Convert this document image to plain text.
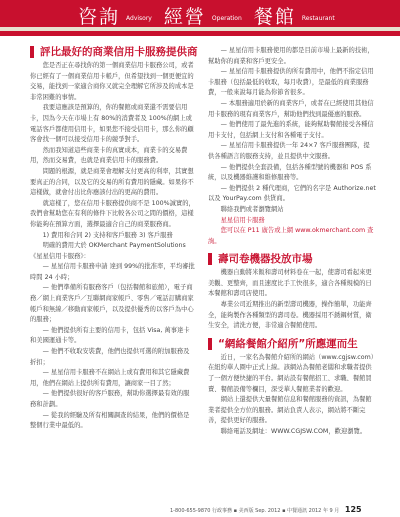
咨詢 Advisory 經營 Operation 餐館 Restaurant
評比最好的商業信用卡服務提供商

您是否正在尋找你的第一個商業信用卡服務公司，或者你已經有了一個商業信用卡帳戶，但希望找到一個更便宜的交易，能找到一家適合商你又就完全理解它所涉及的成本是非常困難的事情。

我要這應該是預算的，你的餐館或商業還不需要信用卡，因為今天在市場上有 80%的消費者及 100%的網上或電話客戶都使用信用卡，如果您不接受信用卡，那么你的顧客會找一個可以接受信用卡的競爭對手。

然而我知道這些商業卡的真實成本，商業卡的交易費用，然而交易費，也就是商業信用卡的服務費。

問題的根源，就是商業會理解支付更高的利率，其實想要真正的合同，以及它的交易的所有費用的隱藏。如果你不這樣做，就會付出比你應該付出的更高的費用。

就這樣了，您在信用卡服務提供商不是 100%誠實的，我們會幫助您在有利的條件下比較各公司之間的價格，這樣你能夠在預算方面，選擇最適合自己的商業服務商。

1) 費用和合同 2) 支持和客戶服務 3) 客戶服務

明確的費用大於 OKMerchant PaymentSolutions《星星信用卡服務》：

— 星星信用卡服務申請 達到 99%的批准率，平均審批時間 24 小時；

— 他們準備所有服務客戶（包括餐館和旅館），電子商務／網上商業客戶／互聯網商家帳戶、零售／電話訂購商家帳戶和無線／移動商家帳戶，以及提供優秀的以客戶為中心的服務；

— 他們提供所有主要的信用卡，包括 Visa, 萬事達卡和美國運通卡等。

— 他們不收取安裝費，他們也提供可選的附加服務及折扣；

— 星星信用卡服務不在網站上或有費用和其它隱藏費用，他們在網站上提供所有費用，讓商家一目了然；

— 他們提供很好的客戶服務，幫助你選擇最有效的服務和計劃。

— 從我的經驗及所有相關調查的結果，他們的價格是整個行業中最低的。

— 星星信用卡服務使用的都是目前市場上最新的技術，幫助你的商業和客戶更安全。

— 星星信用卡服務提供的所有費用中，他們不指定信用卡服務（包括最低的收取，每月收費），是最低的商業服務費，一般來說每月能為你節省很多。

— 本服務適用於新的商業客戶，或者在已經使用其他信用卡服務的現有商業客戶，幫助他們找到最優惠的服務。

— 他們使用了最先進的系統，能夠幫助餐館接受各種信用卡支付，包括網上支付和各種電子支付。

— 星星信用卡服務提供一年 24×7 客戶服務團隊，提供各種語言的服務支持，並且提供中文服務。

— 他們提供全套設備，包括各種型號的機器和 POS 系統，以及機器維護和維修服務等。

— 他們提供 2 種代理商，它們的名字是 Authorize.net 以及 YourPay.com 供貨商。

聯絡我們或者瀏覽網站

星星信用卡服務

您可以在 P11 廣告或上網 www.okmerchant.com 查詢。

壽司卷機器投放市場

機器自動將米飯和壽司材料卷在一起，使壽司看起來更美觀、更整齊，而且速度比手工快很多，適合各種規模的日本餐館和壽司店使用。

專業公司近期推出的新型壽司機器，操作簡單，功能齊全，能夠製作各種類型的壽司卷。機器採用不銹鋼材質，衛生安全，清洗方便，非常適合餐館使用。

“網絡餐館介紹所”所應運而生

近日，一家名為餐館介紹所的網站（www.cgjsw.com）在紐約華人圈中正式上線。該網站為餐館老闆和求職者提供了一個方便快捷的平台。網站設有餐館招工、求職、餐館買賣、餐館設備等欄目，深受華人餐館業者的歡迎。

網站上還提供大量餐館信息和餐館服務的資訊，為餐館業者提供全方位的服務。網站負責人表示，網站將不斷完善，提供更好的服務。

聯絡電話及網址：WWW.CGJSW.COM，歡迎瀏覽。

1-800-655-9870 行政事務 ▪ 美西版 Sep. 2012 ▪ 中餐通訊 2012 年 9 月 125
